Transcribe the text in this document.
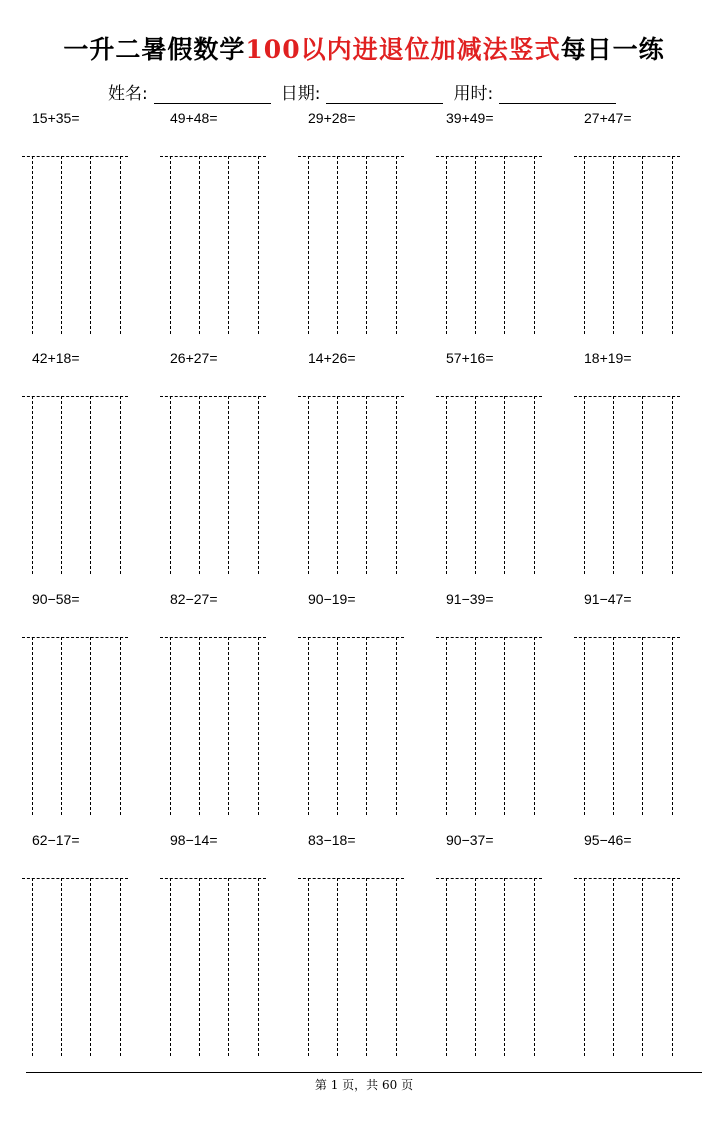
一升二暑假数学100以内进退位加减法竖式每日一练
姓名:	日期:	用时:
15+35=	49+48=	29+28=	39+49=	27+47=
42+18=	26+27=	14+26=	57+16=	18+19=
90−58=	82−27=	90−19=	91−39=	91−47=
62−17=	98−14=	83−18=	90−37=	95−46=
第 1 页，共 60 页
